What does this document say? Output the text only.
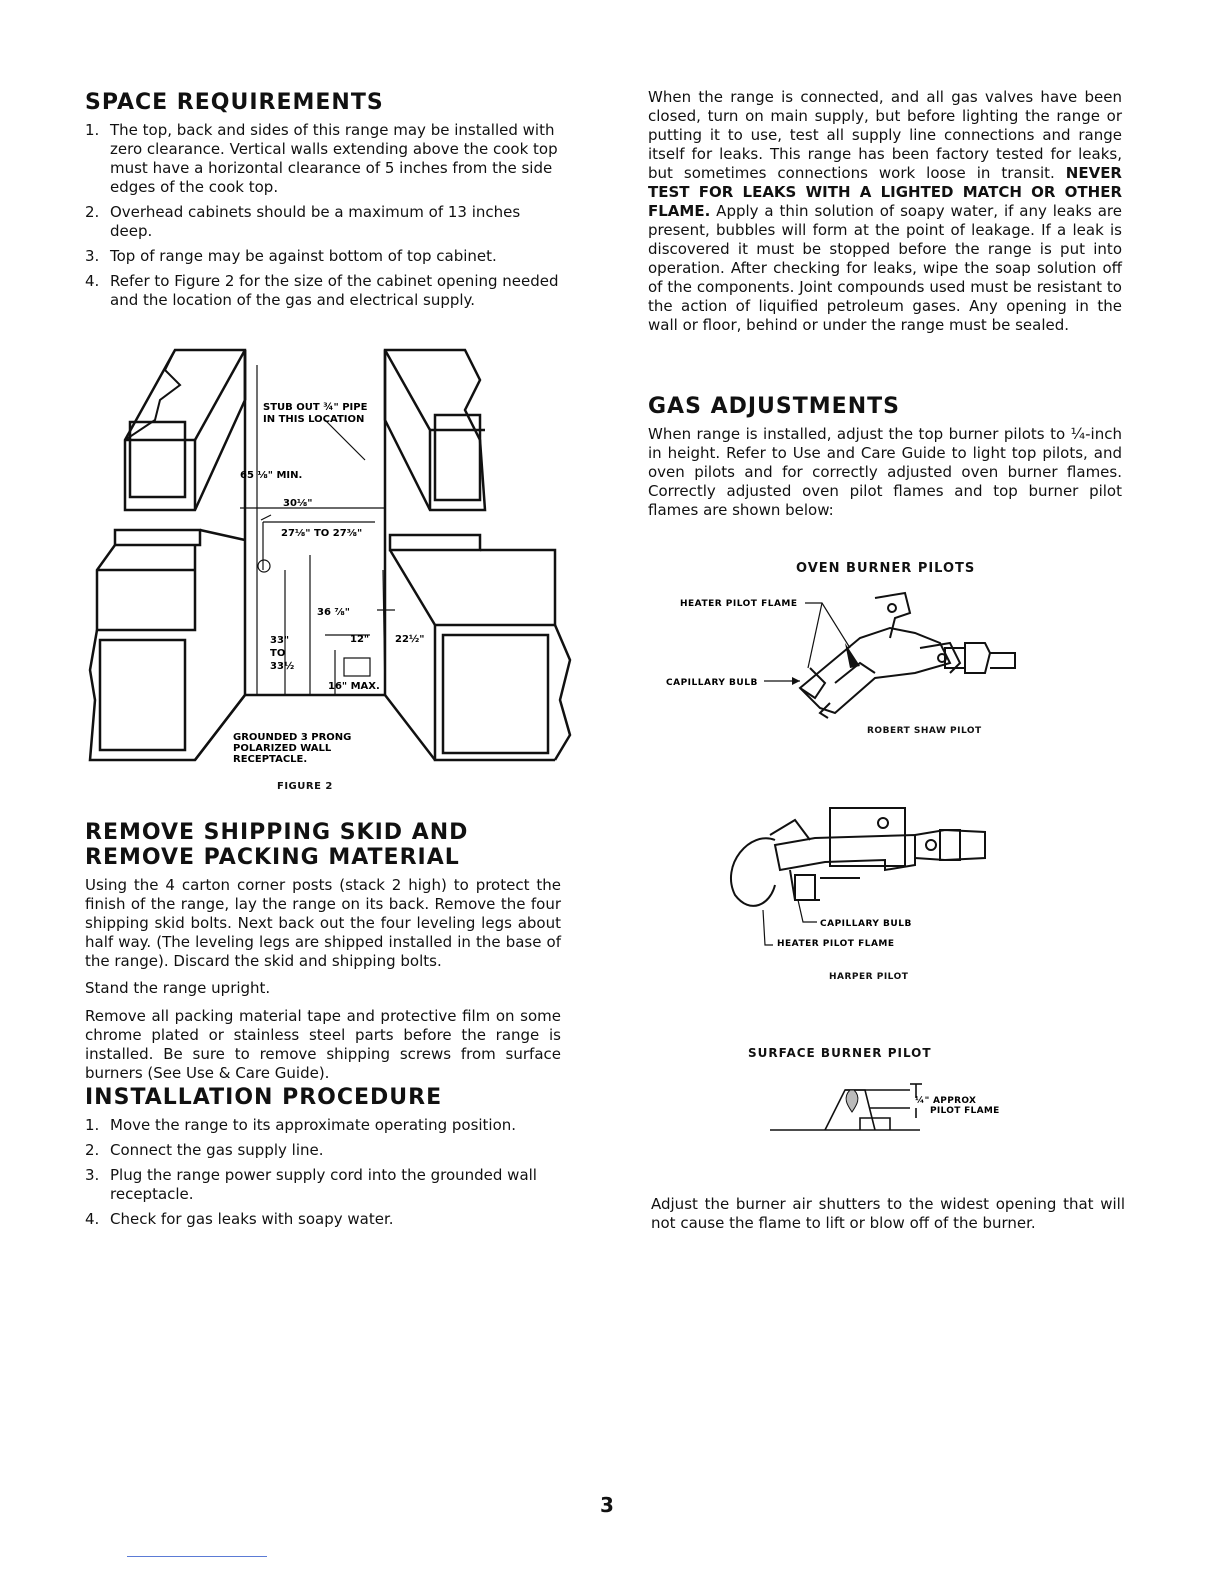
SPACE REQUIREMENTS
1. The top, back and sides of this range may be installed with zero clearance. Vertical walls extending above the cook top must have a horizontal clearance of 5 inches from the side edges of the cook top.
2. Overhead cabinets should be a maximum of 13 inches deep.
3. Top of range may be against bottom of top cabinet.
4. Refer to Figure 2 for the size of the cabinet opening needed and the location of the gas and electrical supply.
STUB OUT ¾" PIPE
IN THIS LOCATION
65 ⅛" MIN.
30⅛"
27⅛" TO 27⅜"
36 ⅞"
33"
TO
33½
12"	22½"
16" MAX.
GROUNDED 3 PRONG
POLARIZED WALL
RECEPTACLE.
FIGURE 2
REMOVE SHIPPING SKID AND
REMOVE PACKING MATERIAL

Using the 4 carton corner posts (stack 2 high) to protect the finish of the range, lay the range on its back. Remove the four shipping skid bolts. Next back out the four leveling legs about half way. (The leveling legs are shipped installed in the base of the range). Discard the skid and shipping bolts.

Stand the range upright.

Remove all packing material tape and protective film on some chrome plated or stainless steel parts before the range is installed. Be sure to remove shipping screws from surface burners (See Use & Care Guide).

INSTALLATION PROCEDURE
1. Move the range to its approximate operating position.
2. Connect the gas supply line.
3. Plug the range power supply cord into the grounded wall receptacle.
4. Check for gas leaks with soapy water.

When the range is connected, and all gas valves have been closed, turn on main supply, but before lighting the range or putting it to use, test all supply line connections and range itself for leaks. This range has been factory tested for leaks, but sometimes connections work loose in transit. NEVER TEST FOR LEAKS WITH A LIGHTED MATCH OR OTHER FLAME. Apply a thin solution of soapy water, if any leaks are present, bubbles will form at the point of leakage. If a leak is discovered it must be stopped before the range is put into operation. After checking for leaks, wipe the soap solution off of the components. Joint compounds used must be resistant to the action of liquified petroleum gases. Any opening in the wall or floor, behind or under the range must be sealed.

GAS ADJUSTMENTS

When range is installed, adjust the top burner pilots to ¼-inch in height. Refer to Use and Care Guide to light top pilots, and oven pilots and for correctly adjusted oven burner flames. Correctly adjusted oven pilot flames and top burner pilot flames are shown below:

OVEN BURNER PILOTS
HEATER PILOT FLAME
CAPILLARY BULB
ROBERT SHAW PILOT
CAPILLARY BULB
HEATER PILOT FLAME
HARPER PILOT
SURFACE BURNER PILOT
¼" APPROX
PILOT FLAME

Adjust the burner air shutters to the widest opening that will not cause the flame to lift or blow off of the burner.

3
